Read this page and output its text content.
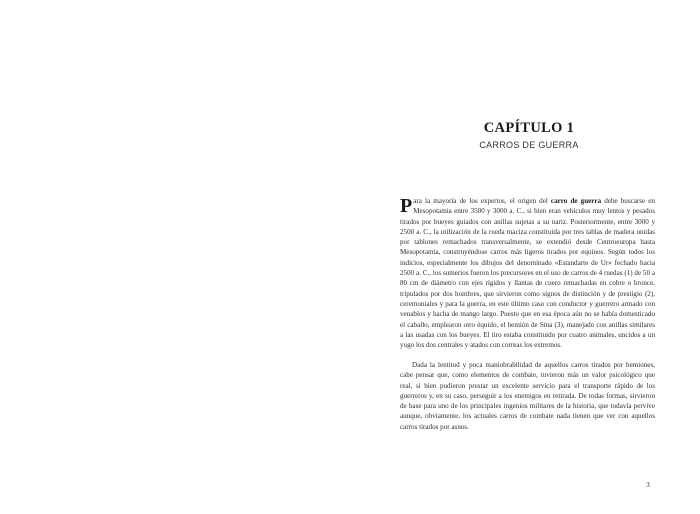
CAPÍTULO 1
CARROS DE GUERRA

Para la mayoría de los expertos, el origen del carro de guerra debe buscarse en Mesopotamia entre 3500 y 3000 a. C., si bien eran vehículos muy lentos y pesados tirados por bueyes guiados con anillas sujetas a su nariz. Posteriormente, entre 3000 y 2500 a. C., la utilización de la rueda maciza constituida por tres tablas de madera unidas por tablones remachados transversalmente, se extendió desde Centroeuropa hasta Mesopotamia, construyéndose carros más ligeros tirados por equinos. Según todos los indicios, especialmente los dibujos del denominado «Estandarte de Ur» fechado hacia 2500 a. C., los sumerios fueron los precursores en el uso de carros de 4 ruedas (1) de 50 a 80 cm de diámetro con ejes rígidos y llantas de cuero remachadas en cobre o bronce, tripulados por dos hombres, que sirvieron como signos de distinción y de prestigio (2), ceremoniales y para la guerra, en este último caso con conductor y guerrero armado con venablos y hacha de mango largo. Puesto que en esa época aún no se había domesticado el caballo, emplearon otro équido, el hemión de Sina (3), manejado con anillas similares a las usadas con los bueyes. El tiro estaba constituido por cuatro animales, uncidos a un yugo los dos centrales y atados con correas los extremos.

Dada la lentitud y poca maniobrabilidad de aquellos carros tirados por hemiones, cabe pensar que, como elementos de combate, tuvieron más un valor psicológico que real, si bien pudieron prestar un excelente servicio para el transporte rápido de los guerreros y, en su caso, perseguir a los enemigos en retirada. De todas formas, sirvieron de base para uno de los principales ingenios militares de la historia, que todavía pervive aunque, obviamente, los actuales carros de combate nada tienen que ver con aquellos carros tirados por asnos.

3
